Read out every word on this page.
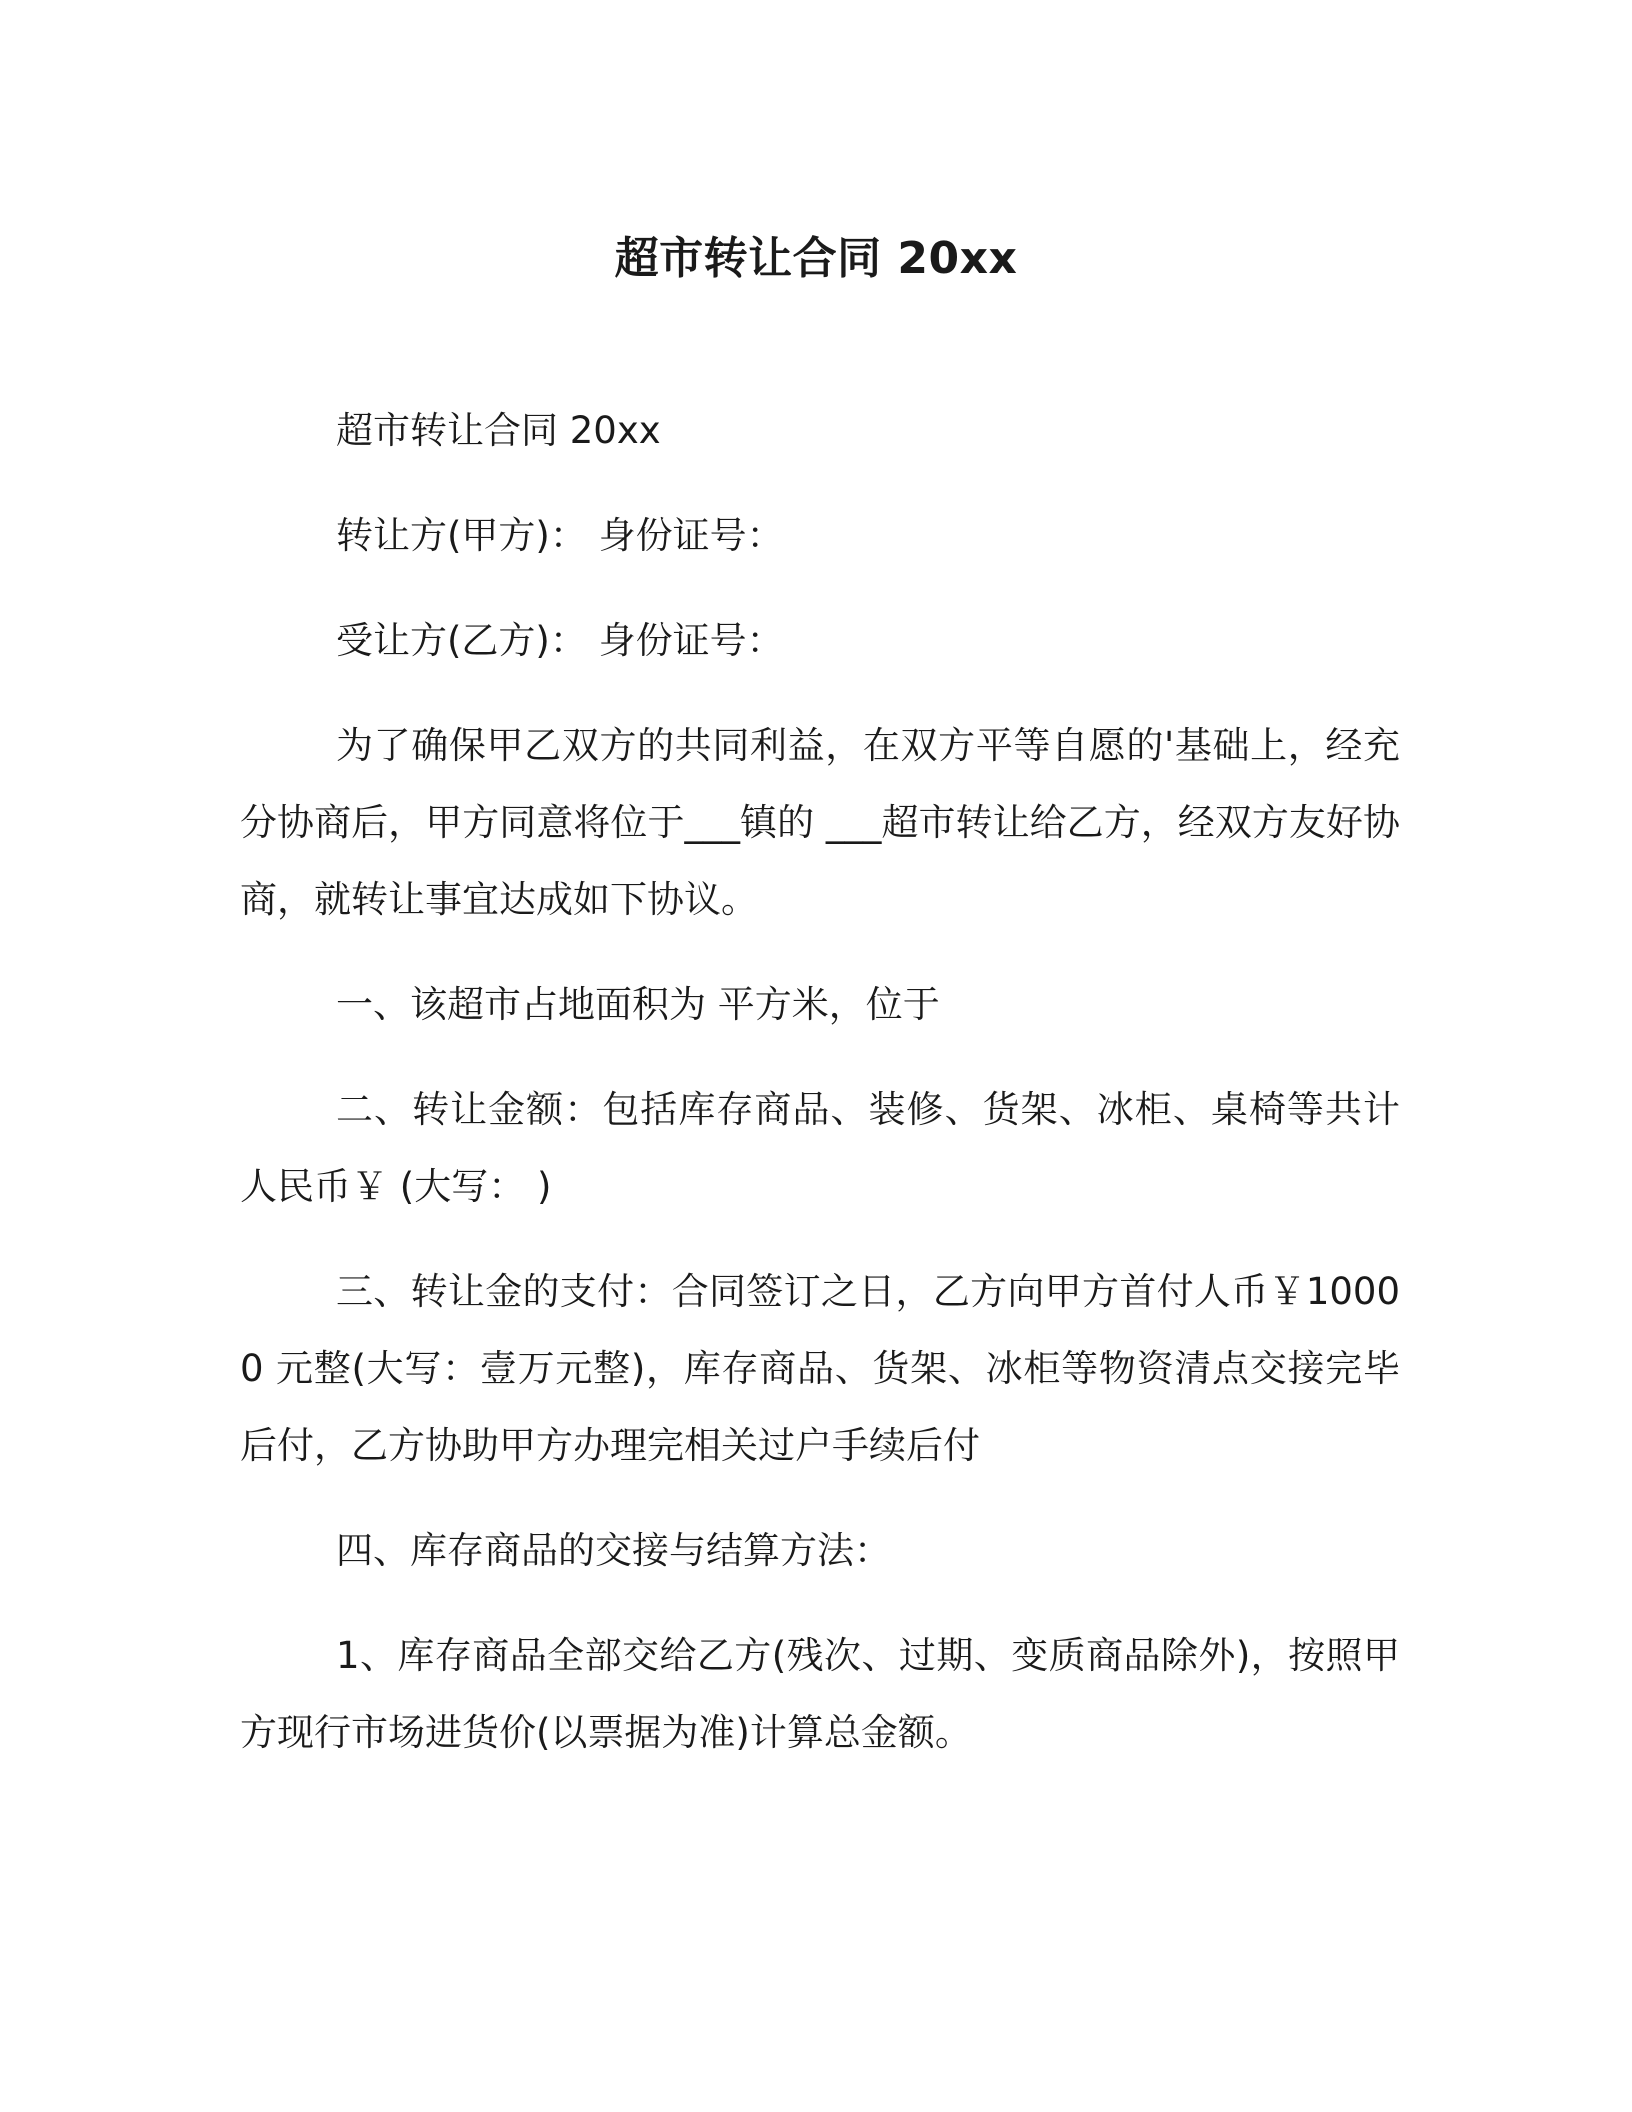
超市转让合同 20xx

超市转让合同 20xx

转让方(甲方)： 身份证号：

受让方(乙方)： 身份证号：

为了确保甲乙双方的共同利益，在双方平等自愿的'基础上，经充分协商后，甲方同意将位于___镇的 ___超市转让给乙方，经双方友好协商，就转让事宜达成如下协议。

一、该超市占地面积为 平方米，位于

二、转让金额：包括库存商品、装修、货架、冰柜、桌椅等共计人民币￥ (大写： )

三、转让金的支付：合同签订之日，乙方向甲方首付人币￥10000 元整(大写：壹万元整)，库存商品、货架、冰柜等物资清点交接完毕后付，乙方协助甲方办理完相关过户手续后付

四、库存商品的交接与结算方法：

1、库存商品全部交给乙方(残次、过期、变质商品除外)，按照甲方现行市场进货价(以票据为准)计算总金额。
